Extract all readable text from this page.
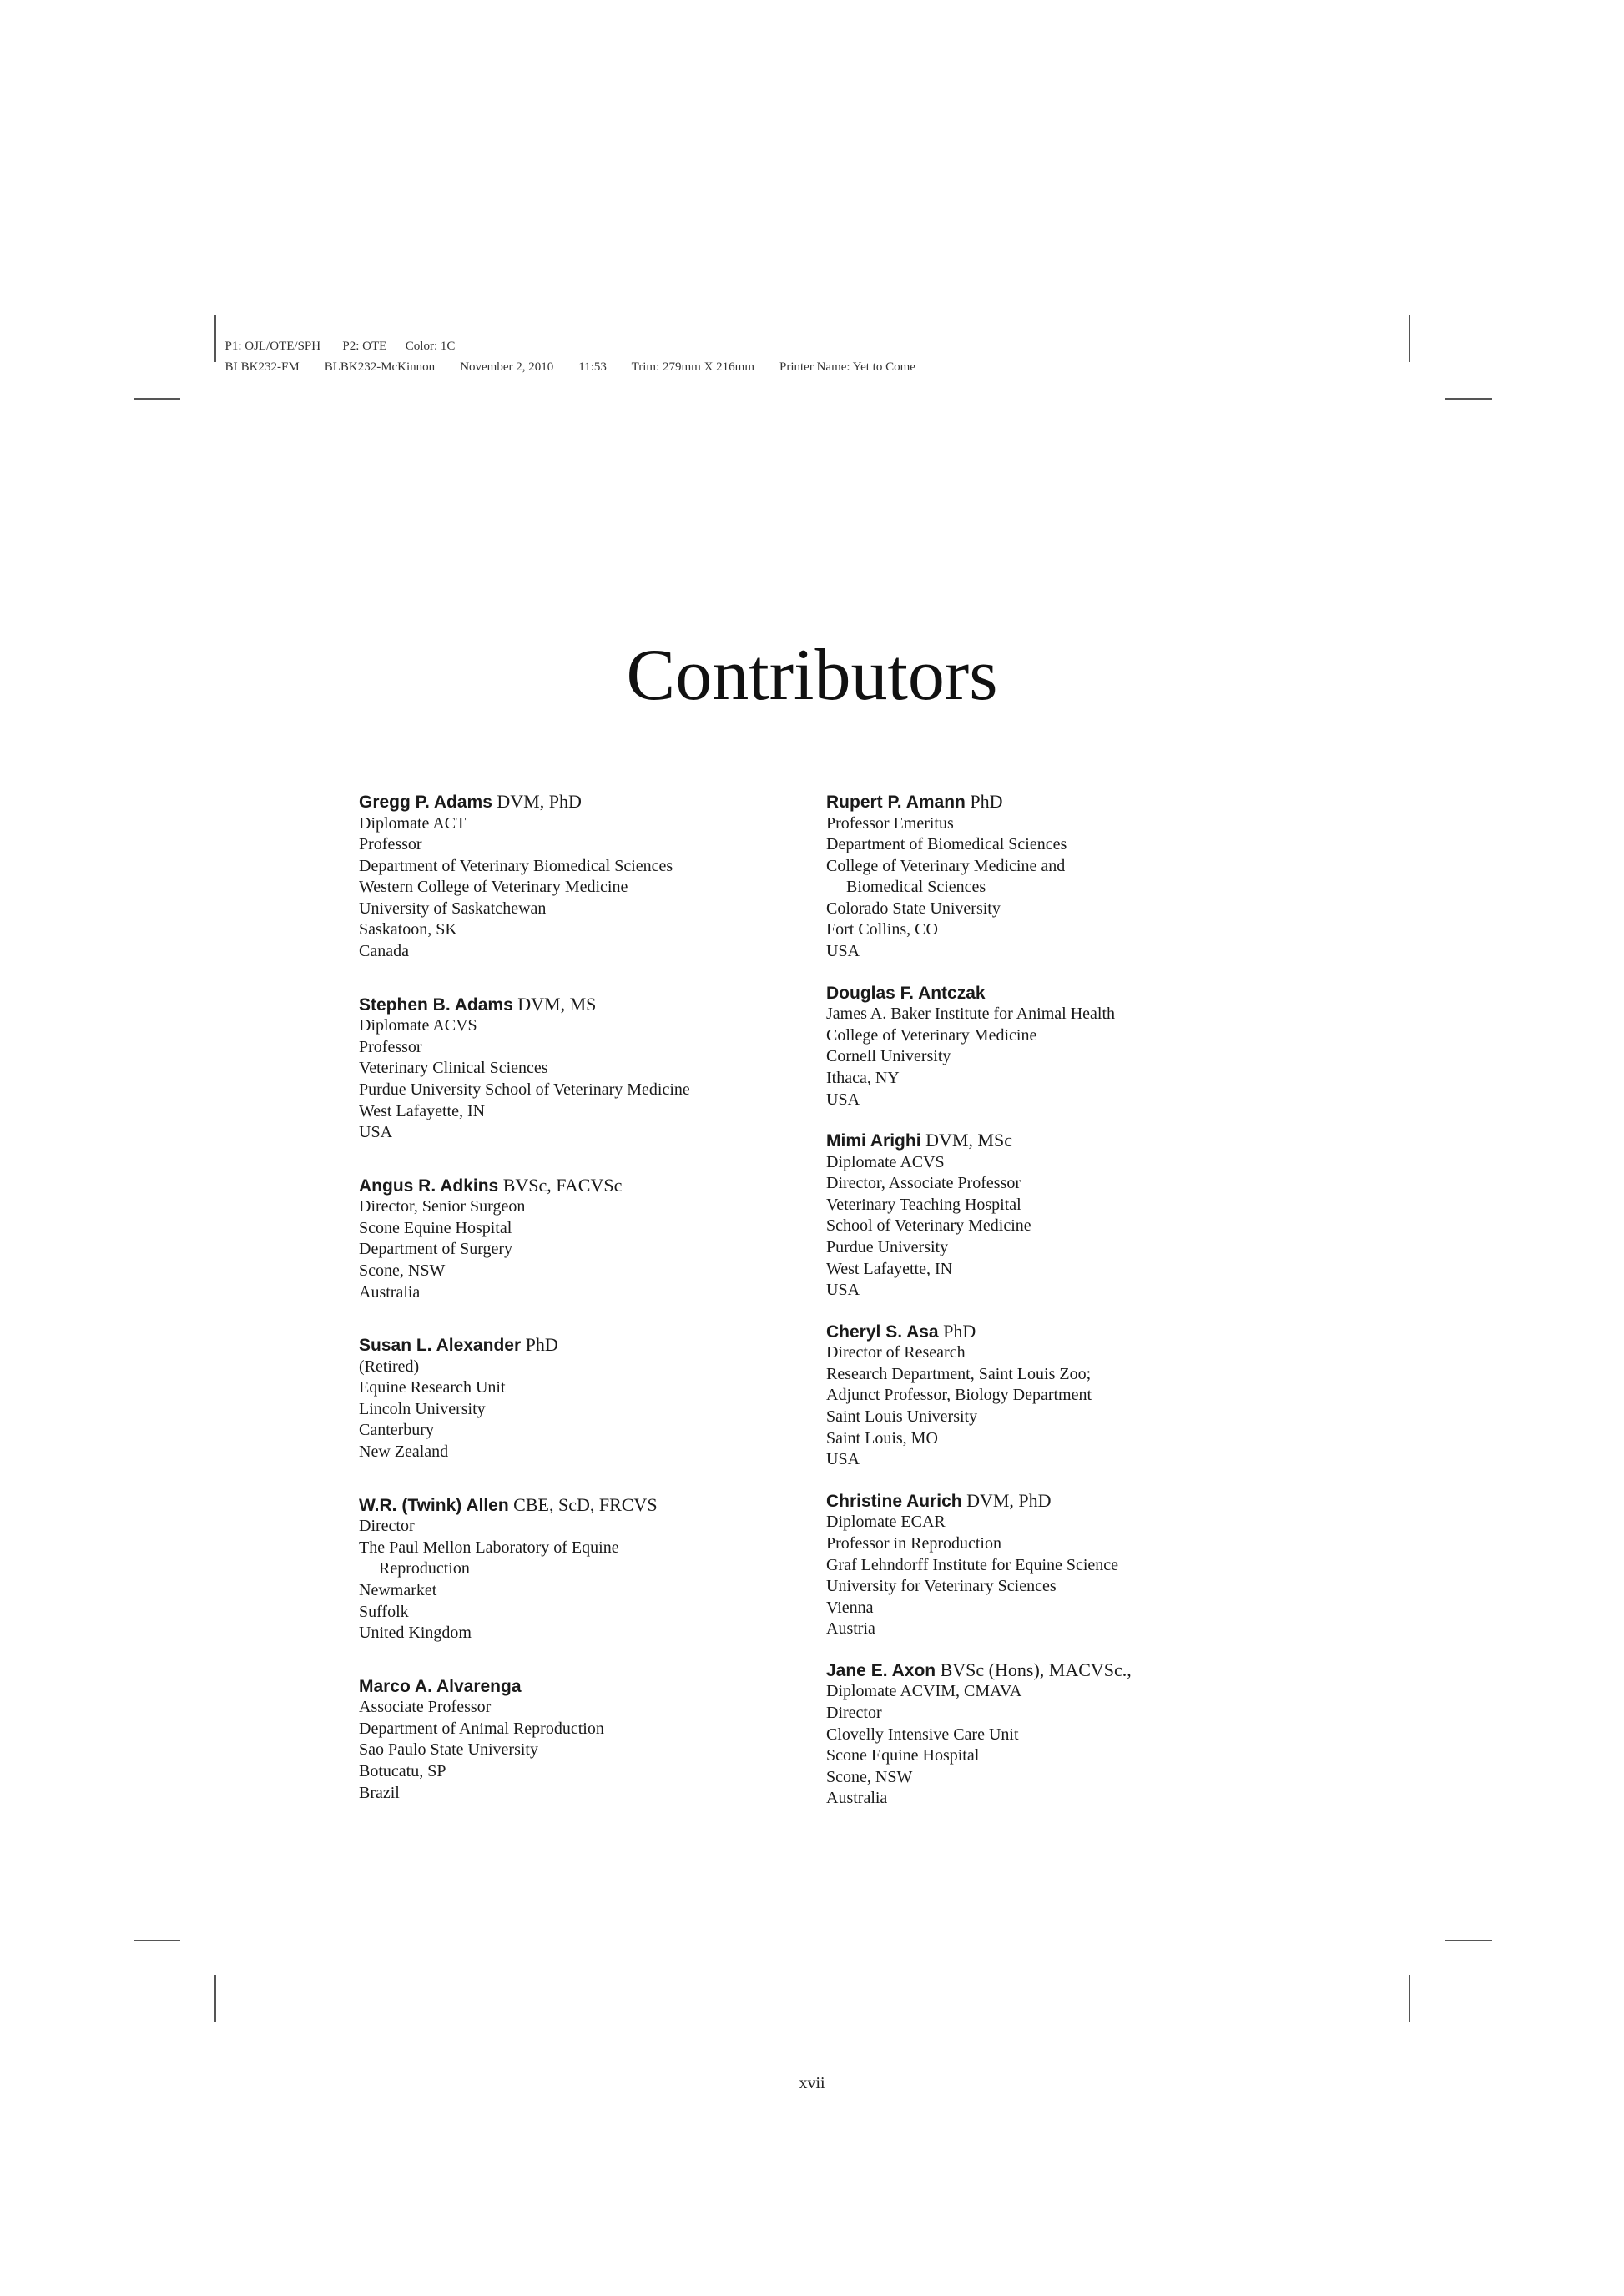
P1: OJL/OTE/SPH P2: OTE Color: 1C

BLBK232-FM BLBK232-McKinnon November 2, 2010 11:53 Trim: 279mm X 216mm Printer Name: Yet to Come

Contributors
Gregg P. Adams DVM, PhD
Diplomate ACT
Professor
Department of Veterinary Biomedical Sciences
Western College of Veterinary Medicine
University of Saskatchewan
Saskatoon, SK
Canada
Stephen B. Adams DVM, MS
Diplomate ACVS
Professor
Veterinary Clinical Sciences
Purdue University School of Veterinary Medicine
West Lafayette, IN
USA
Angus R. Adkins BVSc, FACVSc
Director, Senior Surgeon
Scone Equine Hospital
Department of Surgery
Scone, NSW
Australia
Susan L. Alexander PhD
(Retired)
Equine Research Unit
Lincoln University
Canterbury
New Zealand
W.R. (Twink) Allen CBE, ScD, FRCVS
Director
The Paul Mellon Laboratory of Equine
Reproduction
Newmarket
Suffolk
United Kingdom
Marco A. Alvarenga
Associate Professor
Department of Animal Reproduction
Sao Paulo State University
Botucatu, SP
Brazil
Rupert P. Amann PhD
Professor Emeritus
Department of Biomedical Sciences
College of Veterinary Medicine and
Biomedical Sciences
Colorado State University
Fort Collins, CO
USA
Douglas F. Antczak
James A. Baker Institute for Animal Health
College of Veterinary Medicine
Cornell University
Ithaca, NY
USA
Mimi Arighi DVM, MSc
Diplomate ACVS
Director, Associate Professor
Veterinary Teaching Hospital
School of Veterinary Medicine
Purdue University
West Lafayette, IN
USA
Cheryl S. Asa PhD
Director of Research
Research Department, Saint Louis Zoo;
Adjunct Professor, Biology Department
Saint Louis University
Saint Louis, MO
USA
Christine Aurich DVM, PhD
Diplomate ECAR
Professor in Reproduction
Graf Lehndorff Institute for Equine Science
University for Veterinary Sciences
Vienna
Austria
Jane E. Axon BVSc (Hons), MACVSc.,
Diplomate ACVIM, CMAVA
Director
Clovelly Intensive Care Unit
Scone Equine Hospital
Scone, NSW
Australia
xvii
